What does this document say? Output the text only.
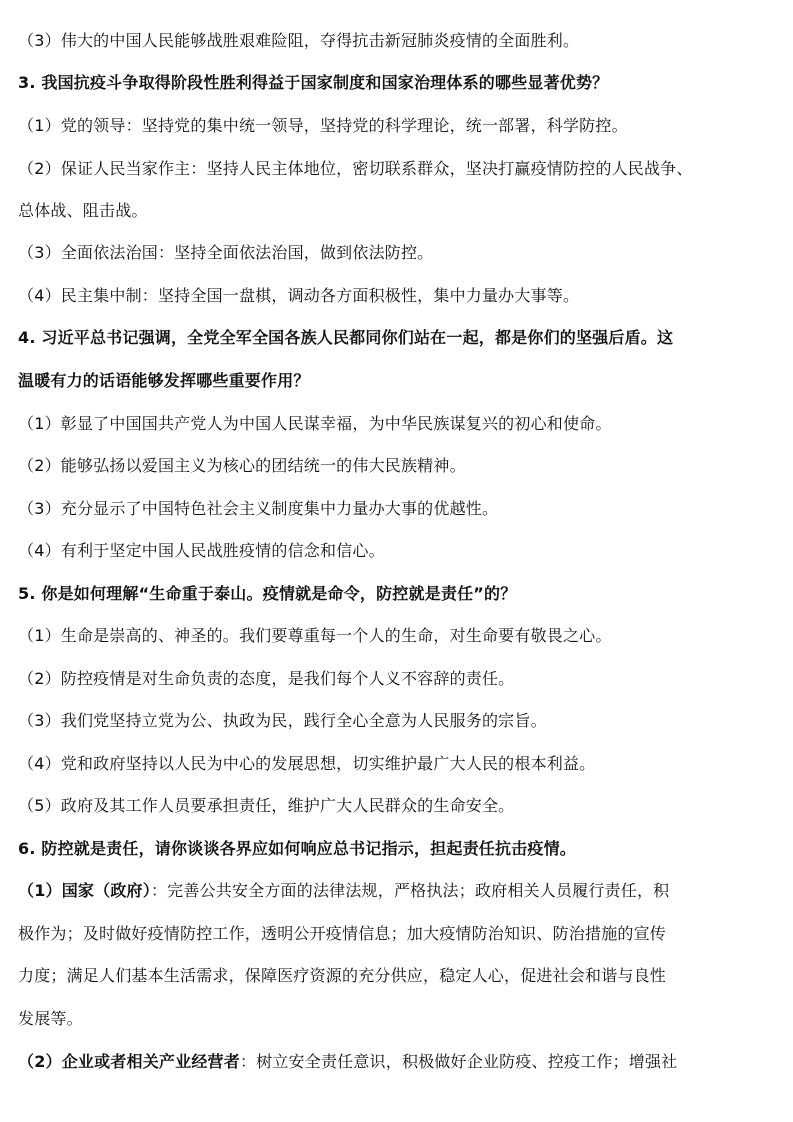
（3）伟大的中国人民能够战胜艰难险阻，夺得抗击新冠肺炎疫情的全面胜利。
3. 我国抗疫斗争取得阶段性胜利得益于国家制度和国家治理体系的哪些显著优势？
（1）党的领导：坚持党的集中统一领导，坚持党的科学理论，统一部署，科学防控。
（2）保证人民当家作主：坚持人民主体地位，密切联系群众，坚决打赢疫情防控的人民战争、
总体战、阻击战。
（3）全面依法治国：坚持全面依法治国，做到依法防控。
（4）民主集中制：坚持全国一盘棋，调动各方面积极性，集中力量办大事等。
4. 习近平总书记强调，全党全军全国各族人民都同你们站在一起，都是你们的坚强后盾。这
温暖有力的话语能够发挥哪些重要作用？
（1）彰显了中国国共产党人为中国人民谋幸福，为中华民族谋复兴的初心和使命。
（2）能够弘扬以爱国主义为核心的团结统一的伟大民族精神。
（3）充分显示了中国特色社会主义制度集中力量办大事的优越性。
（4）有利于坚定中国人民战胜疫情的信念和信心。
5. 你是如何理解“生命重于泰山。疫情就是命令，防控就是责任”的？
（1）生命是崇高的、神圣的。我们要尊重每一个人的生命，对生命要有敬畏之心。
（2）防控疫情是对生命负责的态度，是我们每个人义不容辞的责任。
（3）我们党坚持立党为公、执政为民，践行全心全意为人民服务的宗旨。
（4）党和政府坚持以人民为中心的发展思想，切实维护最广大人民的根本利益。
（5）政府及其工作人员要承担责任，维护广大人民群众的生命安全。
6. 防控就是责任，请你谈谈各界应如何响应总书记指示，担起责任抗击疫情。
（1）国家（政府）：完善公共安全方面的法律法规，严格执法；政府相关人员履行责任，积
极作为；及时做好疫情防控工作，透明公开疫情信息；加大疫情防治知识、防治措施的宣传
力度；满足人们基本生活需求，保障医疗资源的充分供应，稳定人心，促进社会和谐与良性
发展等。
（2）企业或者相关产业经营者：树立安全责任意识，积极做好企业防疫、控疫工作；增强社
